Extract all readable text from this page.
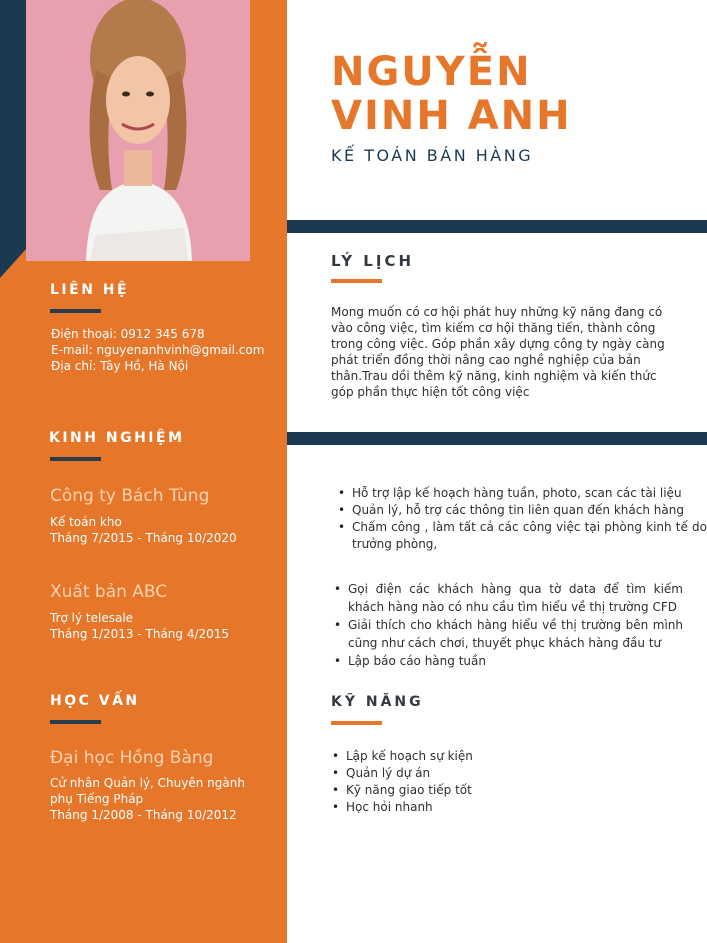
LIÊN HỆ
Điện thoại: 0912 345 678
E-mail: nguyenanhvinh@gmail.com
Địa chỉ: Tây Hồ, Hà Nội
KINH NGHIỆM
Công ty Bách Tùng
Kế toán kho
Tháng 7/2015 - Tháng 10/2020
Xuất bản ABC
Trợ lý telesale
Tháng 1/2013 - Tháng 4/2015
HỌC VẤN
Đại học Hồng Bàng
Cử nhân Quản lý, Chuyên ngành phụ Tiếng Pháp
Tháng 1/2008 - Tháng 10/2012
NGUYỄN
VINH ANH
KẾ TOÁN BÁN HÀNG
LÝ LỊCH
Mong muốn có cơ hội phát huy những kỹ năng đang có vào công việc, tìm kiếm cơ hội thăng tiến, thành công trong công việc. Góp phần xây dựng công ty ngày càng phát triển đồng thời nâng cao nghề nghiệp của bản thân.Trau dồi thêm kỹ năng, kinh nghiệm và kiến thức góp phần thực hiện tốt công việc
• Hỗ trợ lập kế hoạch hàng tuần, photo, scan các tài liệu
• Quản lý, hỗ trợ các thông tin liên quan đến khách hàng
• Chấm công , làm tất cả các công việc tại phòng kinh tế do trưởng phòng,
• Gọi điện các khách hàng qua tờ data để tìm kiếm khách hàng nào có nhu cầu tìm hiểu về thị trường CFD
• Giải thích cho khách hàng hiểu về thị trường bên mình cũng như cách chơi, thuyết phục khách hàng đầu tư
• Lập báo cáo hàng tuần
KỸ NĂNG
• Lập kế hoạch sự kiện
• Quản lý dự án
• Kỹ năng giao tiếp tốt
• Học hỏi nhanh
